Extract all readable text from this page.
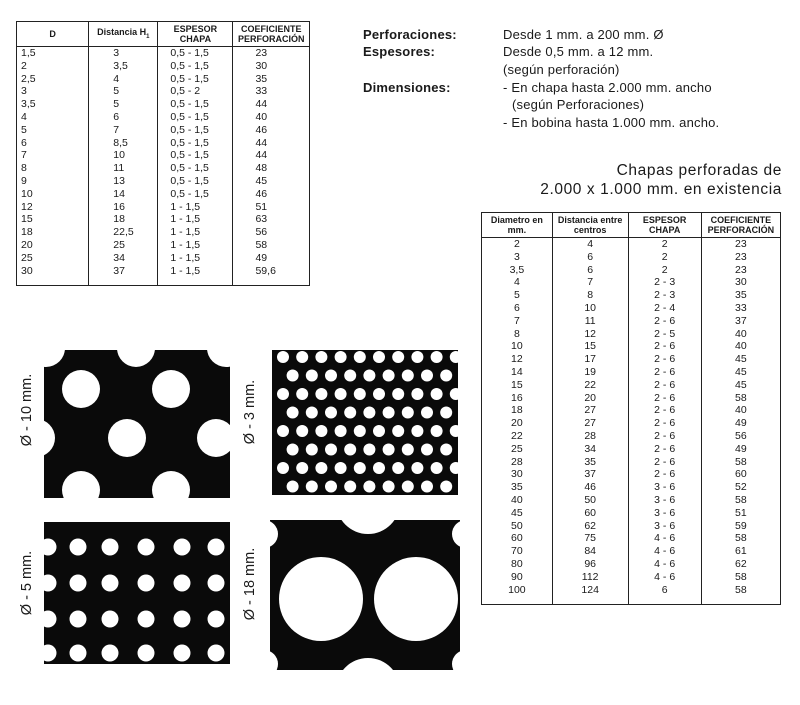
D	Distancia $H_1$	ESPESOR CHAPA	COEFICIENTE PERFORACIÓN
1,5	3	0,5 - 1,5	23
2	3,5	0,5 - 1,5	30
2,5	4	0,5 - 1,5	35
3	5	0,5 - 2	33
3,5	5	0,5 - 1,5	44
4	6	0,5 - 1,5	40
5	7	0,5 - 1,5	46
6	8,5	0,5 - 1,5	44
7	10	0,5 - 1,5	44
8	11	0,5 - 1,5	48
9	13	0,5 - 1,5	45
10	14	0,5 - 1,5	46
12	16	1 - 1,5	51
15	18	1 - 1,5	63
18	22,5	1 - 1,5	56
20	25	1 - 1,5	58
25	34	1 - 1,5	49
30	37	1 - 1,5	59,6
Perforaciones:	Desde 1 mm. a 200 mm. Ø
Espesores:	Desde 0,5 mm. a 12 mm.
(según perforación)
Dimensiones:	- En chapa hasta 2.000 mm. ancho
(según Perforaciones)
- En bobina hasta 1.000 mm. ancho.
Chapas perforadas de
2.000 x 1.000 mm. en existencia
Diametro en mm.	Distancia entre centros	ESPESOR CHAPA	COEFICIENTE PERFORACIÓN
2	4	2	23
3	6	2	23
3,5	6	2	23
4	7	2 - 3	30
5	8	2 - 3	35
6	10	2 - 4	33
7	11	2 - 6	37
8	12	2 - 5	40
10	15	2 - 6	40
12	17	2 - 6	45
14	19	2 - 6	45
15	22	2 - 6	45
16	20	2 - 6	58
18	27	2 - 6	40
20	27	2 - 6	49
22	28	2 - 6	56
25	34	2 - 6	49
28	35	2 - 6	58
30	37	2 - 6	60
35	46	3 - 6	52
40	50	3 - 6	58
45	60	3 - 6	51
50	62	3 - 6	59
60	75	4 - 6	58
70	84	4 - 6	61
80	96	4 - 6	62
90	112	4 - 6	58
100	124	6	58
Ø - 10 mm.	Ø - 3 mm.
Ø - 5 mm.	Ø - 18 mm.
